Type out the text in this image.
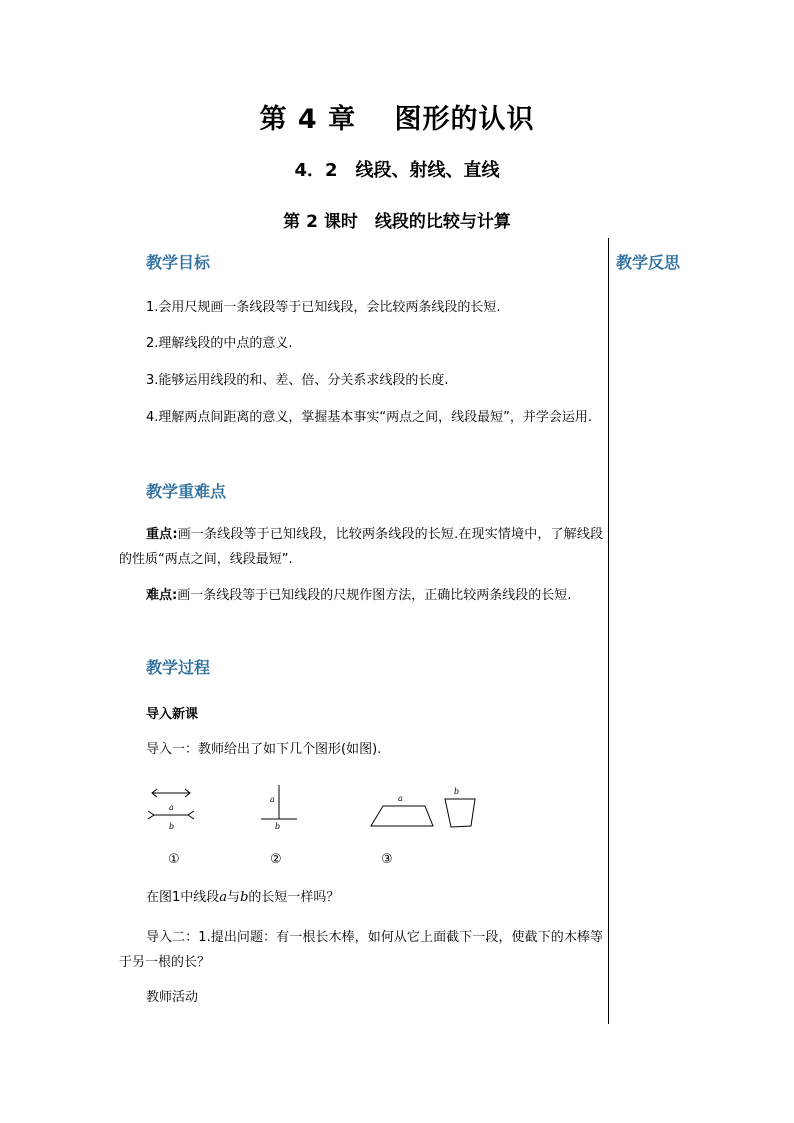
第 4 章　 图形的认识
4．2　线段、射线、直线
第 2 课时　线段的比较与计算
教学反思
教学目标
1.会用尺规画一条线段等于已知线段，会比较两条线段的长短.
2.理解线段的中点的意义.
3.能够运用线段的和、差、倍、分关系求线段的长度.
4.理解两点间距离的意义，掌握基本事实“两点之间，线段最短”，并学会运用.
教学重难点
重点:画一条线段等于已知线段，比较两条线段的长短.在现实情境中，了解线段的性质“两点之间，线段最短”.
难点:画一条线段等于已知线段的尺规作图方法，正确比较两条线段的长短.
教学过程
导入新课
导入一：教师给出了如下几个图形(如图).
在图1中线段a与b的长短一样吗？
导入二：1.提出问题：有一根长木棒，如何从它上面截下一段，使截下的木棒等于另一根的长？
教师活动
a
b
a
b
a
b
①	②	③
